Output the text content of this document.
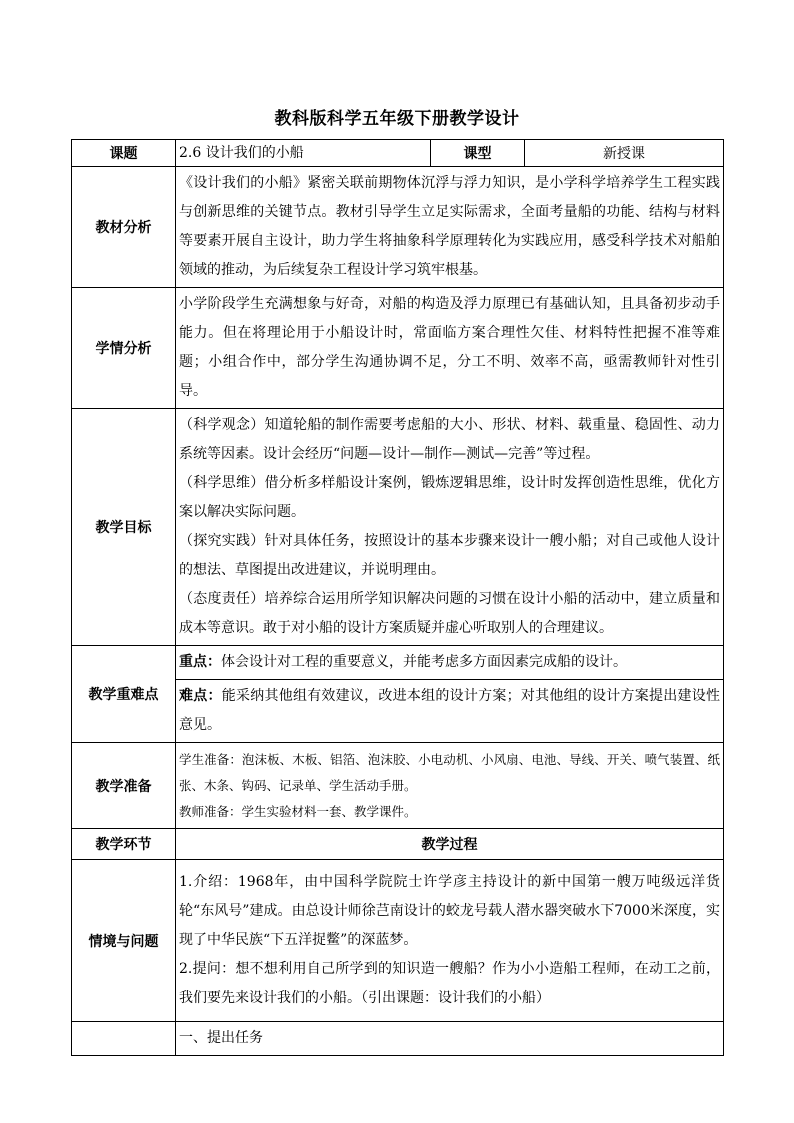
教科版科学五年级下册教学设计
课题	2.6 设计我们的小船	课型	新授课
教材分析	《设计我们的小船》紧密关联前期物体沉浮与浮力知识，是小学科学培养学生工程实践与创新思维的关键节点。教材引导学生立足实际需求，全面考量船的功能、结构与材料等要素开展自主设计，助力学生将抽象科学原理转化为实践应用，感受科学技术对船舶领域的推动，为后续复杂工程设计学习筑牢根基。		
学情分析	小学阶段学生充满想象与好奇，对船的构造及浮力原理已有基础认知，且具备初步动手能力。但在将理论用于小船设计时，常面临方案合理性欠佳、材料特性把握不准等难题；小组合作中，部分学生沟通协调不足，分工不明、效率不高，亟需教师针对性引导。		
教学目标	（科学观念）知道轮船的制作需要考虑船的大小、形状、材料、载重量、稳固性、动力系统等因素。设计会经历“问题—设计—制作—测试—完善”等过程。

（科学思维）借分析多样船设计案例，锻炼逻辑思维，设计时发挥创造性思维，优化方案以解决实际问题。

（探究实践）针对具体任务，按照设计的基本步骤来设计一艘小船；对自己或他人设计的想法、草图提出改进建议，并说明理由。

（态度责任）培养综合运用所学知识解决问题的习惯在设计小船的活动中，建立质量和成本等意识。敢于对小船的设计方案质疑并虚心听取别人的合理建议。		

教学重难点	重点：体会设计对工程的重要意义，并能考虑多方面因素完成船的设计。		
	难点：能采纳其他组有效建议，改进本组的设计方案；对其他组的设计方案提出建设性意见。		
教学准备	学生准备：泡沫板、木板、铝箔、泡沫胶、小电动机、小风扇、电池、导线、开关、喷气装置、纸张、木条、钩码、记录单、学生活动手册。

教师准备：学生实验材料一套、教学课件。		

教学环节	教学过程		
情境与问题	1.介绍：1968年，由中国科学院院士许学彦主持设计的新中国第一艘万吨级远洋货轮“东风号”建成。由总设计师徐芑南设计的蛟龙号载人潜水器突破水下7000米深度，实现了中华民族“下五洋捉鳖”的深蓝梦。

2.提问：想不想利用自己所学到的知识造一艘船？作为小小造船工程师，在动工之前，我们要先来设计我们的小船。（引出课题：设计我们的小船）		

	一、提出任务		
